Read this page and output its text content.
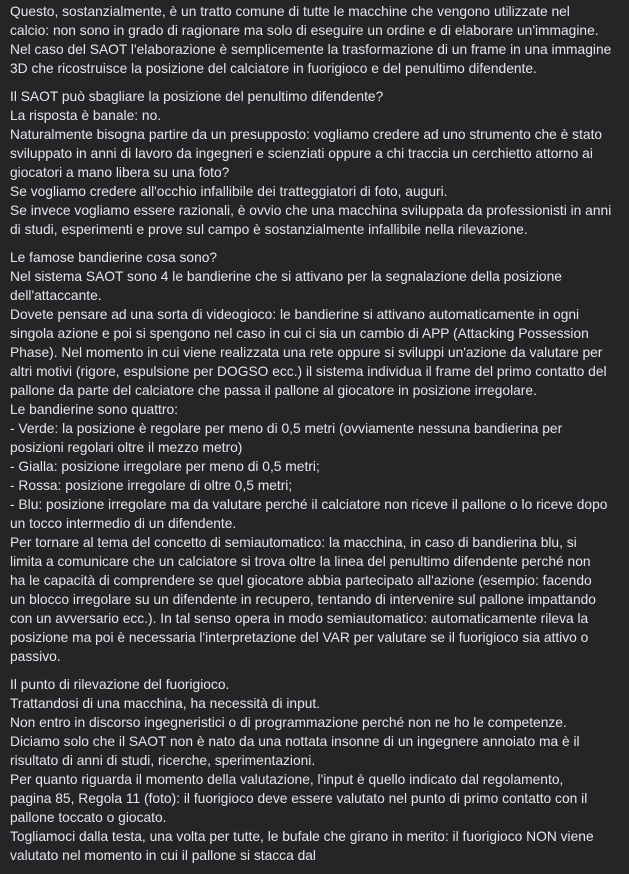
Questo, sostanzialmente, è un tratto comune di tutte le macchine che vengono utilizzate nel
calcio: non sono in grado di ragionare ma solo di eseguire un ordine e di elaborare un'immagine.
Nel caso del SAOT l'elaborazione è semplicemente la trasformazione di un frame in una immagine
3D che ricostruisce la posizione del calciatore in fuorigioco e del penultimo difendente.
Il SAOT può sbagliare la posizione del penultimo difendente?
La risposta è banale: no.
Naturalmente bisogna partire da un presupposto: vogliamo credere ad uno strumento che è stato
sviluppato in anni di lavoro da ingegneri e scienziati oppure a chi traccia un cerchietto attorno ai
giocatori a mano libera su una foto?
Se vogliamo credere all'occhio infallibile dei tratteggiatori di foto, auguri.
Se invece vogliamo essere razionali, è ovvio che una macchina sviluppata da professionisti in anni
di studi, esperimenti e prove sul campo è sostanzialmente infallibile nella rilevazione.
Le famose bandierine cosa sono?
Nel sistema SAOT sono 4 le bandierine che si attivano per la segnalazione della posizione
dell'attaccante.
Dovete pensare ad una sorta di videogioco: le bandierine si attivano automaticamente in ogni
singola azione e poi si spengono nel caso in cui ci sia un cambio di APP (Attacking Possession
Phase). Nel momento in cui viene realizzata una rete oppure si sviluppi un'azione da valutare per
altri motivi (rigore, espulsione per DOGSO ecc.) il sistema individua il frame del primo contatto del
pallone da parte del calciatore che passa il pallone al giocatore in posizione irregolare.
Le bandierine sono quattro:
- Verde: la posizione è regolare per meno di 0,5 metri (ovviamente nessuna bandierina per
posizioni regolari oltre il mezzo metro)
- Gialla: posizione irregolare per meno di 0,5 metri;
- Rossa: posizione irregolare di oltre 0,5 metri;
- Blu: posizione irregolare ma da valutare perché il calciatore non riceve il pallone o lo riceve dopo
un tocco intermedio di un difendente.
Per tornare al tema del concetto di semiautomatico: la macchina, in caso di bandierina blu, si
limita a comunicare che un calciatore si trova oltre la linea del penultimo difendente perché non
ha le capacità di comprendere se quel giocatore abbia partecipato all'azione (esempio: facendo
un blocco irregolare su un difendente in recupero, tentando di intervenire sul pallone impattando
con un avversario ecc.). In tal senso opera in modo semiautomatico: automaticamente rileva la
posizione ma poi è necessaria l'interpretazione del VAR per valutare se il fuorigioco sia attivo o
passivo.
Il punto di rilevazione del fuorigioco.
Trattandosi di una macchina, ha necessità di input.
Non entro in discorso ingegneristici o di programmazione perché non ne ho le competenze.
Diciamo solo che il SAOT non è nato da una nottata insonne di un ingegnere annoiato ma è il
risultato di anni di studi, ricerche, sperimentazioni.
Per quanto riguarda il momento della valutazione, l'input è quello indicato dal regolamento,
pagina 85, Regola 11 (foto): il fuorigioco deve essere valutato nel punto di primo contatto con il
pallone toccato o giocato.
Togliamoci dalla testa, una volta per tutte, le bufale che girano in merito: il fuorigioco NON viene
valutato nel momento in cui il pallone si stacca dal
